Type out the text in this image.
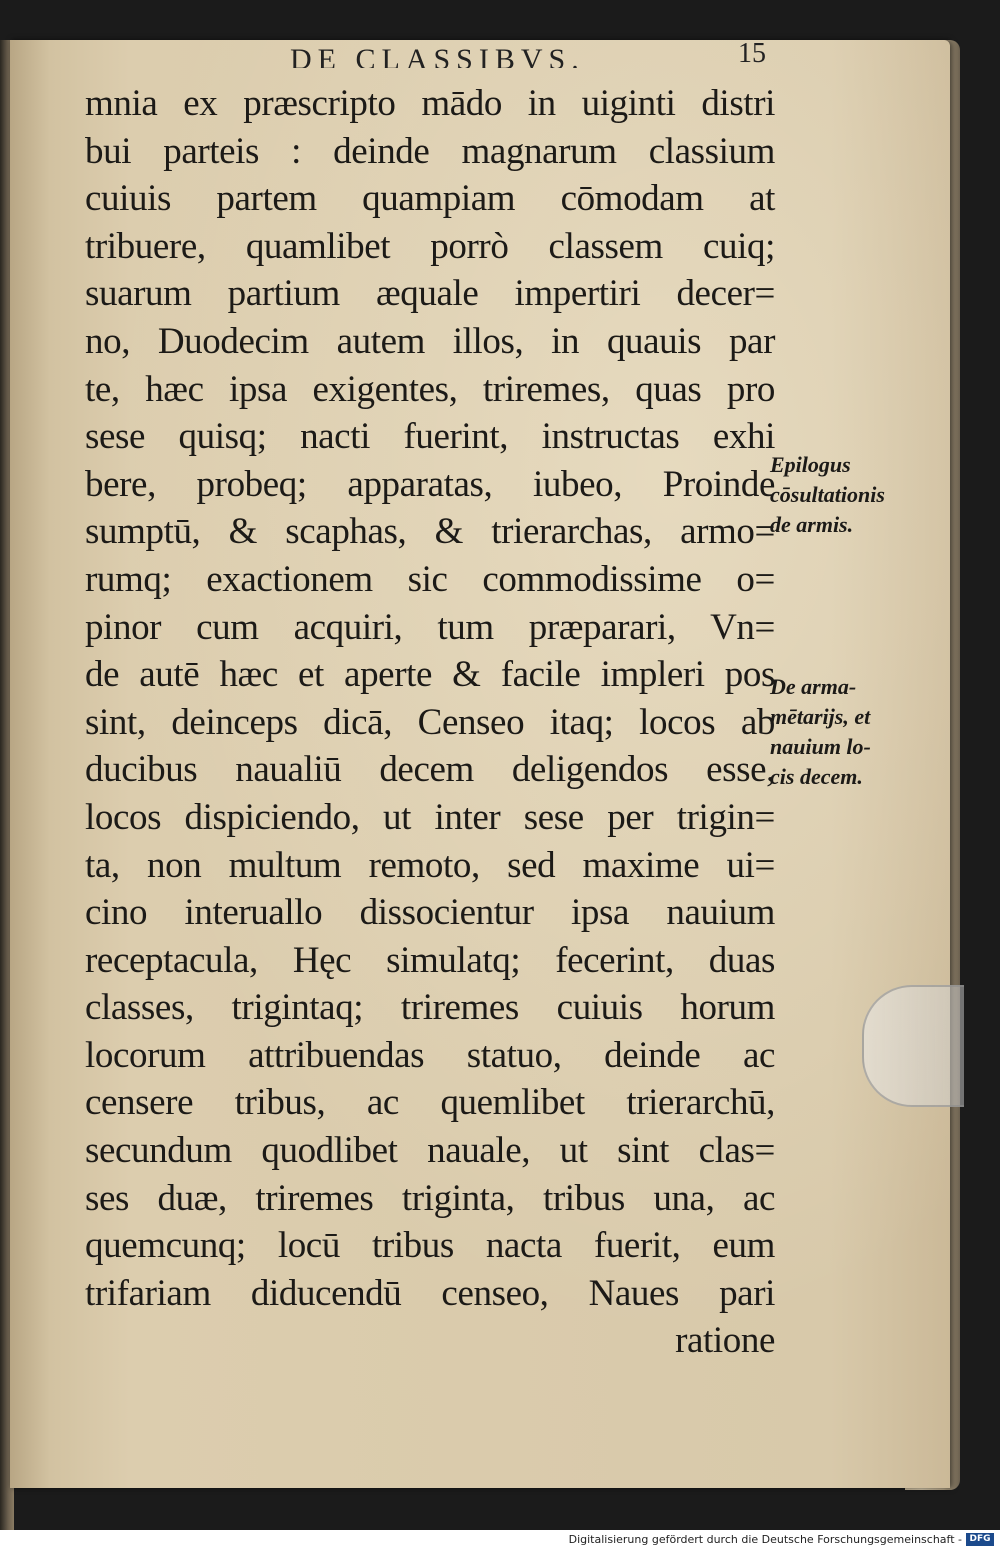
DE CLASSIBVS.	15
mnia ex præscripto mādo in uiginti distri
bui parteis : deinde magnarum classium
cuiuis partem quampiam cōmodam at
tribuere, quamlibet porrò classem cuiq;
suarum partium æquale impertiri decer=
no, Duodecim autem illos, in quauis par
te, hæc ipsa exigentes, triremes, quas pro
sese quisq; nacti fuerint, instructas exhi
bere, probeq; apparatas, iubeo, Proinde
sumptū, & scaphas, & trierarchas, armo=
rumq; exactionem sic commodissime o=
pinor cum acquiri, tum præparari, Vn=
de autē hæc et aperte & facile impleri pos
sint, deinceps dicā, Censeo itaq; locos ab
ducibus naualiū decem deligendos esse,
locos dispiciendo, ut inter sese per trigin=
ta, non multum remoto, sed maxime ui=
cino interuallo dissocientur ipsa nauium
receptacula, Hęc simulatq; fecerint, duas
classes, trigintaq; triremes cuiuis horum
locorum attribuendas statuo, deinde ac
censere tribus, ac quemlibet trierarchū,
secundum quodlibet nauale, ut sint clas=
ses duæ, triremes triginta, tribus una, ac
quemcunq; locū tribus nacta fuerit, eum
trifariam diducendū censeo, Naues pari
ratione
Epilogus
cōsultationis
de armis.
De arma-
mētarijs, et
nauium lo-
cis decem.
Digitalisierung gefördert durch die Deutsche Forschungsgemeinschaft - DFG
